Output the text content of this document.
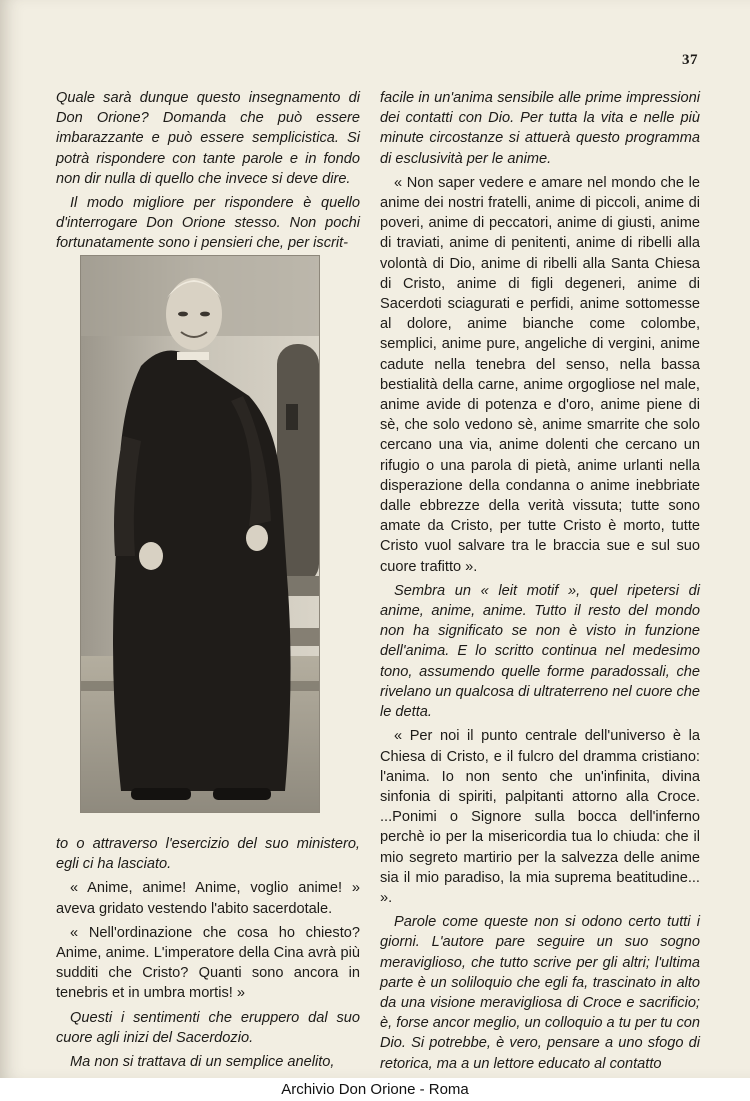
37

Quale sarà dunque questo insegnamento di Don Orione? Domanda che può essere imbarazzante e può essere semplicistica. Si potrà rispondere con tante parole e in fondo non dir nulla di quello che invece si deve dire.

Il modo migliore per rispondere è quello d'interrogare Don Orione stesso. Non pochi fortunatamente sono i pensieri che, per iscrit-

to o attraverso l'esercizio del suo ministero, egli ci ha lasciato.

« Anime, anime! Anime, voglio anime! » aveva gridato vestendo l'abito sacerdotale.

« Nell'ordinazione che cosa ho chiesto? Anime, anime. L'imperatore della Cina avrà più sudditi che Cristo? Quanti sono ancora in tenebris et in umbra mortis! »

Questi i sentimenti che eruppero dal suo cuore agli inizi del Sacerdozio.

Ma non si trattava di un semplice anelito,

facile in un'anima sensibile alle prime impressioni dei contatti con Dio. Per tutta la vita e nelle più minute circostanze si attuerà questo programma di esclusività per le anime.

« Non saper vedere e amare nel mondo che le anime dei nostri fratelli, anime di piccoli, anime di poveri, anime di peccatori, anime di giusti, anime di traviati, anime di penitenti, anime di ribelli alla volontà di Dio, anime di ribelli alla Santa Chiesa di Cristo, anime di figli degeneri, anime di Sacerdoti sciagurati e perfidi, anime sottomesse al dolore, anime bianche come colombe, semplici, anime pure, angeliche di vergini, anime cadute nella tenebra del senso, nella bassa bestialità della carne, anime orgogliose nel male, anime avide di potenza e d'oro, anime piene di sè, che solo vedono sè, anime smarrite che solo cercano una via, anime dolenti che cercano un rifugio o una parola di pietà, anime urlanti nella disperazione della condanna o anime inebbriate dalle ebbrezze della verità vissuta; tutte sono amate da Cristo, per tutte Cristo è morto, tutte Cristo vuol salvare tra le braccia sue e sul suo cuore trafitto ».

Sembra un « leit motif », quel ripetersi di anime, anime, anime. Tutto il resto del mondo non ha significato se non è visto in funzione dell'anima. E lo scritto continua nel medesimo tono, assumendo quelle forme paradossali, che rivelano un qualcosa di ultraterreno nel cuore che le detta.

« Per noi il punto centrale dell'universo è la Chiesa di Cristo, e il fulcro del dramma cristiano: l'anima. Io non sento che un'infinita, divina sinfonia di spiriti, palpitanti attorno alla Croce. ...Ponimi o Signore sulla bocca dell'inferno perchè io per la misericordia tua lo chiuda: che il mio segreto martirio per la salvezza delle anime sia il mio paradiso, la mia suprema beatitudine... ».

Parole come queste non si odono certo tutti i giorni. L'autore pare seguire un suo sogno meraviglioso, che tutto scrive per gli altri; l'ultima parte è un soliloquio che egli fa, trascinato in alto da una visione meravigliosa di Croce e sacrificio; è, forse ancor meglio, un colloquio a tu per tu con Dio. Si potrebbe, è vero, pensare a uno sfogo di retorica, ma a un lettore educato al contatto

Archivio Don Orione - Roma
